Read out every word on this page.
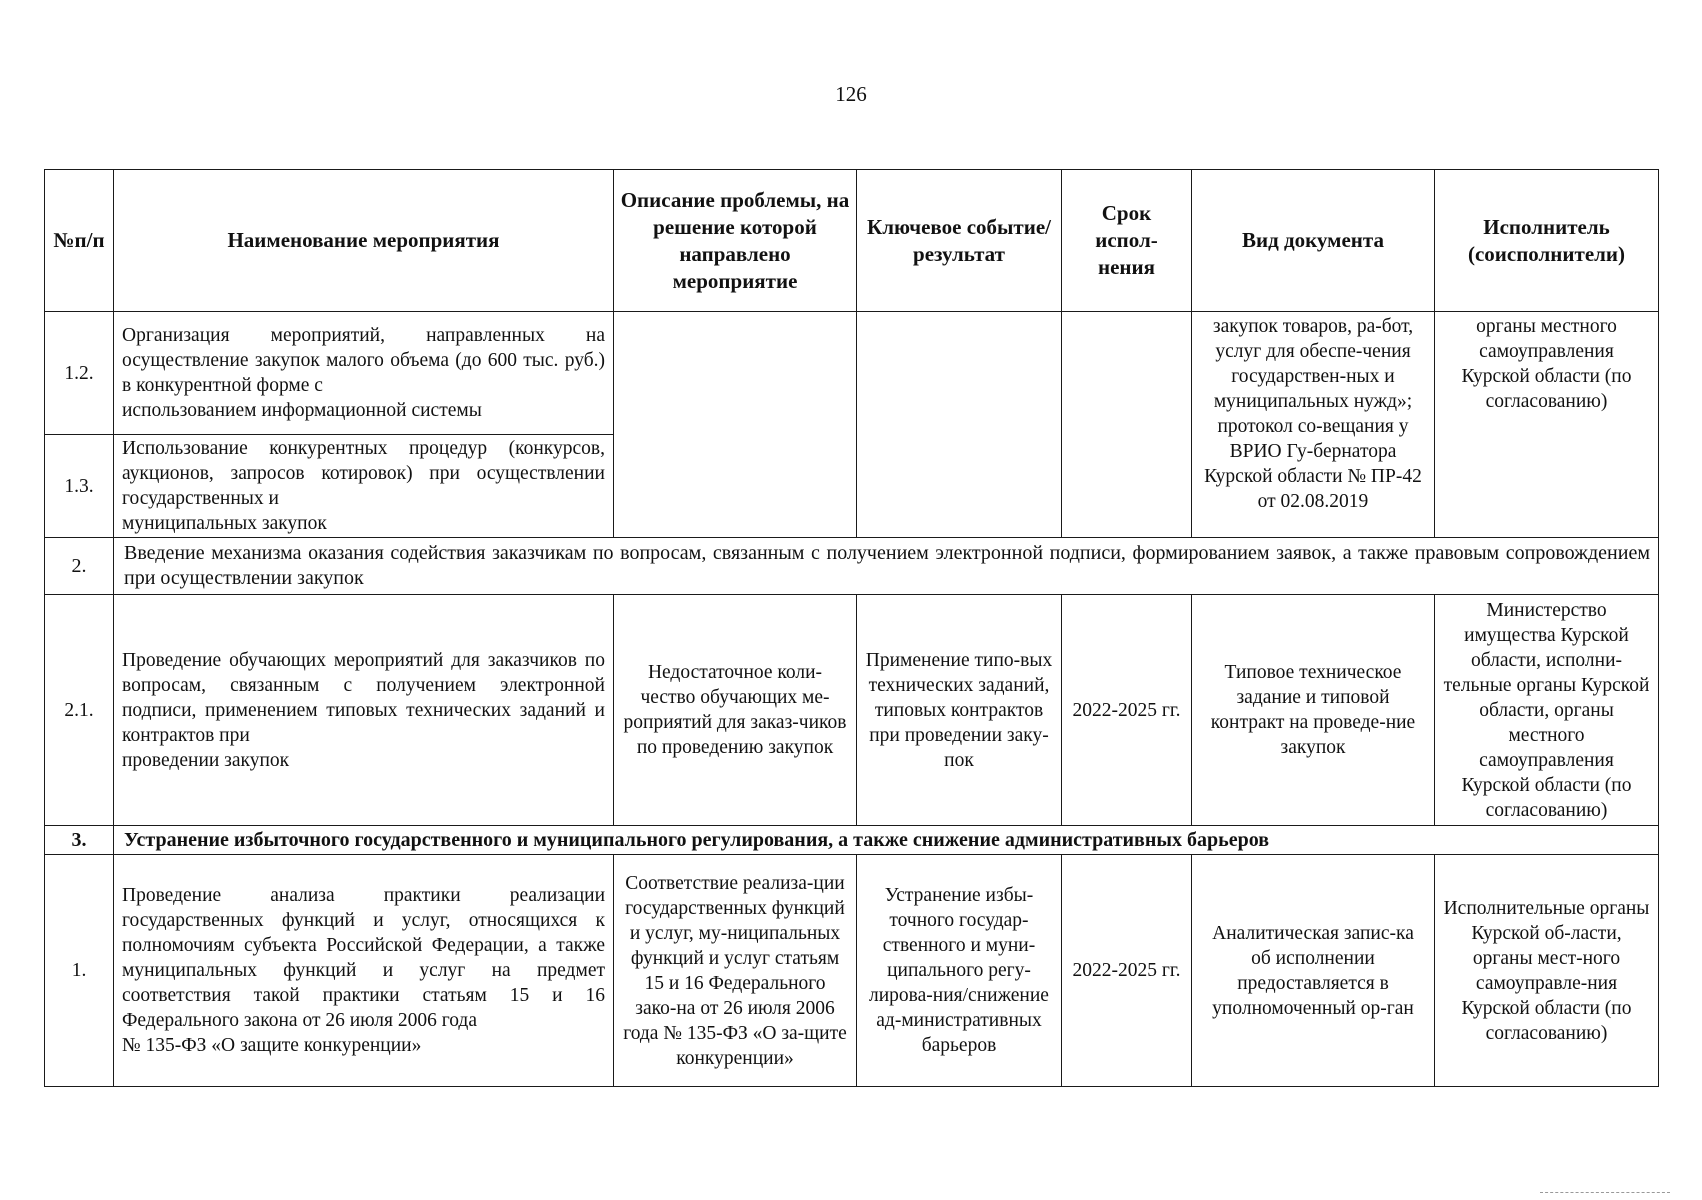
126
№п/п	Наименование мероприятия	Описание проблемы, на решение которой направлено мероприятие	Ключевое событие/ результат	Срок испол-нения	Вид документа	Исполнитель (соисполнители)
1.2.	Организация мероприятий, направленных на осуществление закупок малого объема (до 600 тыс. руб.) в конкурентной форме с
использованием информационной системы				закупок товаров, ра-бот, услуг для обеспе-чения государствен-ных и муниципальных нужд»; протокол со-вещания у ВРИО Гу-бернатора Курской области № ПР-42 от 02.08.2019	органы местного самоуправления Курской области (по согласованию)
1.3.	Использование конкурентных процедур (конкурсов, аукционов, запросов котировок) при осуществлении государственных и
муниципальных закупок					

2.	Введение механизма оказания содействия заказчикам по вопросам, связанным с получением электронной подписи, формированием заявок, а также правовым сопровождением при осуществлении закупок					
2.1.	Проведение обучающих мероприятий для заказчиков по вопросам, связанным с получением электронной подписи, применением типовых технических заданий и контрактов при
проведении закупок	Недостаточное коли-чество обучающих ме-роприятий для заказ-чиков по проведению закупок	Применение типо-вых технических заданий, типовых контрактов при проведении заку-пок	2022-2025 гг.	Типовое техническое задание и типовой контракт на проведе-ние закупок	Министерство имущества Курской области, исполни-тельные органы Курской области, органы местного самоуправления Курской области (по согласованию)
3.	Устранение избыточного государственного и муниципального регулирования, а также снижение административных барьеров					
1.	Проведение анализа практики реализации государственных функций и услуг, относящихся к полномочиям субъекта Российской Федерации, а также муниципальных функций и услуг на предмет соответствия такой практики статьям 15 и 16 Федерального закона от 26 июля 2006 года
№ 135-ФЗ «О защите конкуренции»	Соответствие реализа-ции государственных функций и услуг, му-ниципальных функций и услуг статьям 15 и 16 Федерального зако-на от 26 июля 2006 года № 135-ФЗ «О за-щите конкуренции»	Устранение избы-точного государ-ственного и муни-ципального регу-лирова-ния/снижение ад-министративных барьеров	2022-2025 гг.	Аналитическая запис-ка об исполнении предоставляется в уполномоченный ор-ган	Исполнительные органы Курской об-ласти, органы мест-ного самоуправле-ния Курской области (по согласованию)
